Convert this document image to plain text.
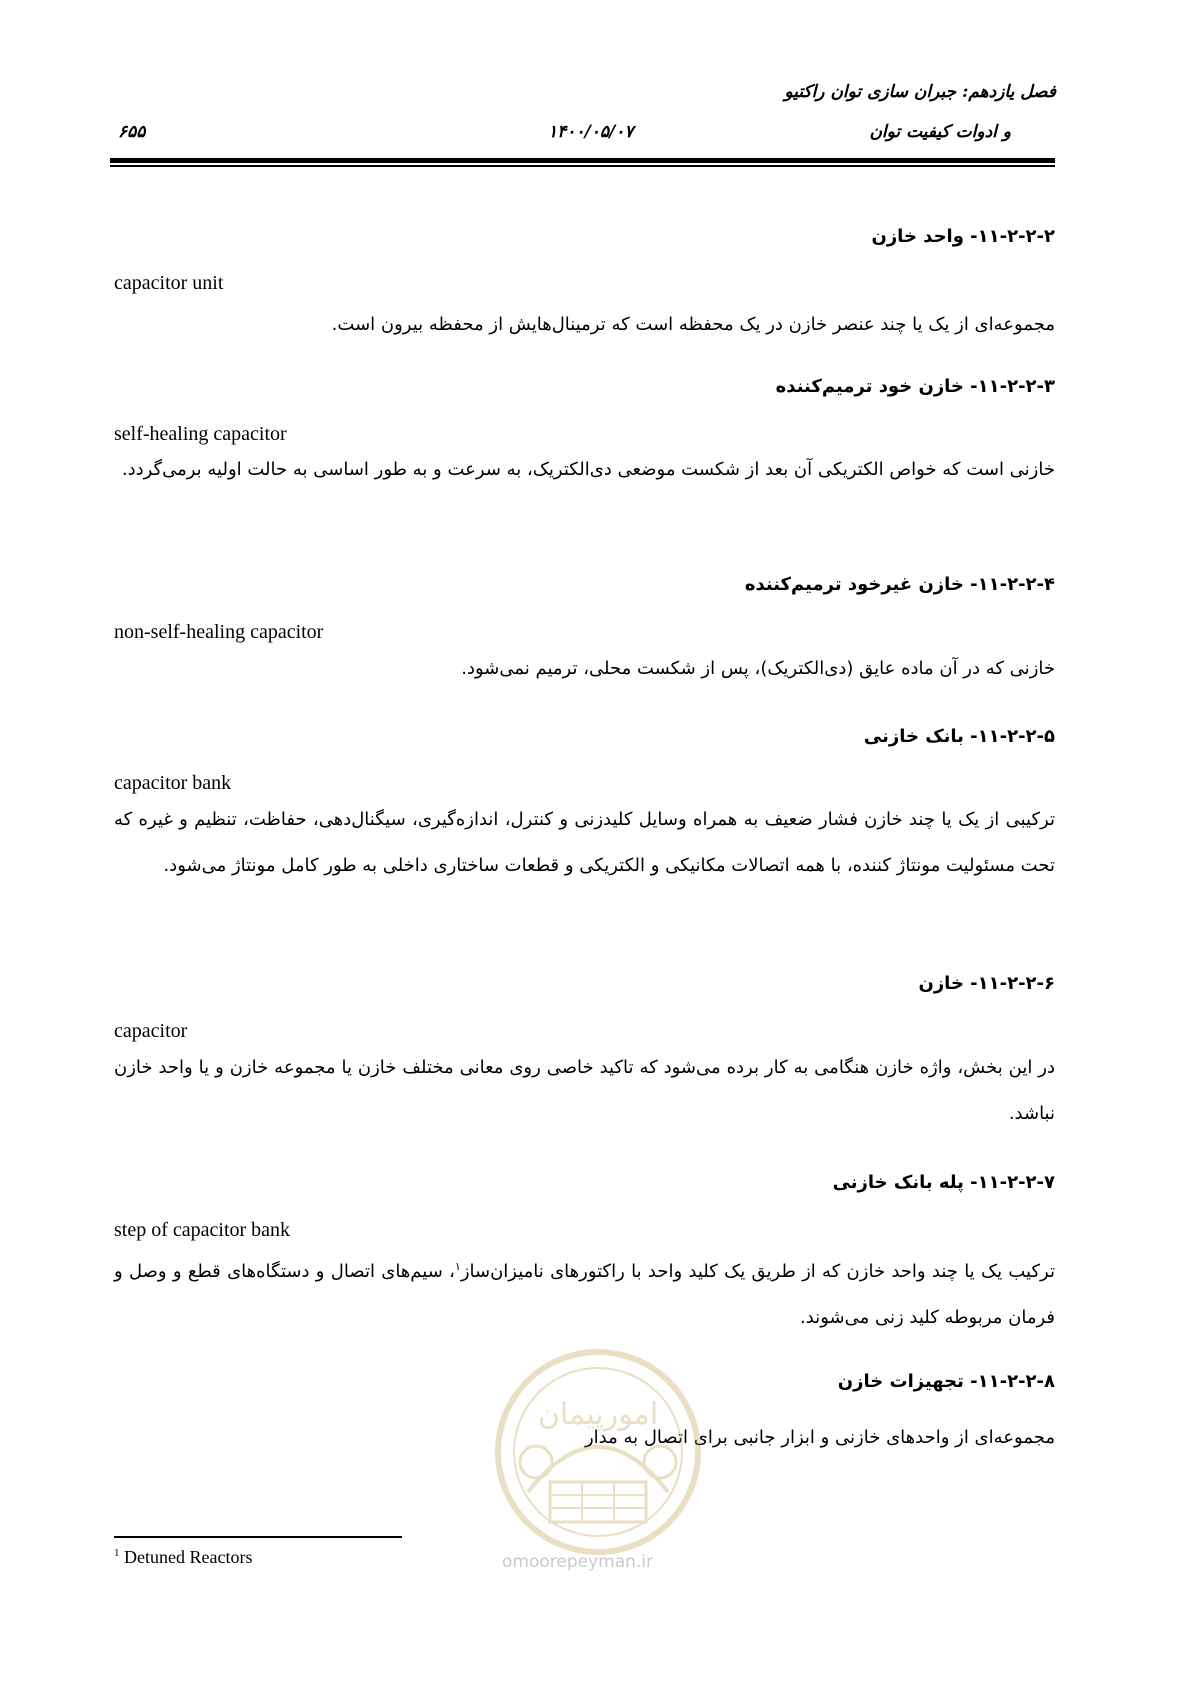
فصل یازدهم: جبران سازی توان راکتیو
و ادوات کیفیت توان
۱۴۰۰/۰۵/۰۷
۶۵۵
۱۱-۲-۲-۲- واحد خازن
capacitor unit
مجموعه‌ای از یک یا چند عنصر خازن در یک محفظه است که ترمینال‌هایش از محفظه بیرون است.
۱۱-۲-۲-۳- خازن خود ترمیم‌کننده
self-healing capacitor
خازنی است که خواص الکتریکی آن بعد از شکست موضعی دی‌الکتریک، به سرعت و به طور اساسی به حالت اولیه برمی‌گردد.
۱۱-۲-۲-۴- خازن غیرخود ترمیم‌کننده
non-self-healing capacitor
خازنی که در آن ماده عایق (دی‌الکتریک)، پس از شکست محلی، ترمیم نمی‌شود.
۱۱-۲-۲-۵- بانک خازنی
capacitor bank
ترکیبی از یک یا چند خازن فشار ضعیف به همراه وسایل کلیدزنی و کنترل، اندازه‌گیری، سیگنال‌دهی، حفاظت، تنظیم و غیره که تحت مسئولیت مونتاژ کننده، با همه اتصالات مکانیکی و الکتریکی و قطعات ساختاری داخلی به طور کامل مونتاژ می‌شود.
۱۱-۲-۲-۶- خازن
capacitor
در این بخش، واژه خازن هنگامی به کار برده می‌شود که تاکید خاصی روی معانی مختلف خازن یا مجموعه خازن و یا واحد خازن نباشد.
۱۱-۲-۲-۷- پله بانک خازنی
step of capacitor bank
ترکیب یک یا چند واحد خازن که از طریق یک کلید واحد با راکتورهای نامیزان‌ساز$^۱$، سیم‌های اتصال و دستگاه‌های قطع و وصل و فرمان مربوطه کلید زنی می‌شوند.
۱۱-۲-۲-۸- تجهیزات خازن
مجموعه‌ای از واحدهای خازنی و ابزار جانبی برای اتصال به مدار
امورپیمان
omoorepeyman.ir
$^1$ Detuned Reactors
